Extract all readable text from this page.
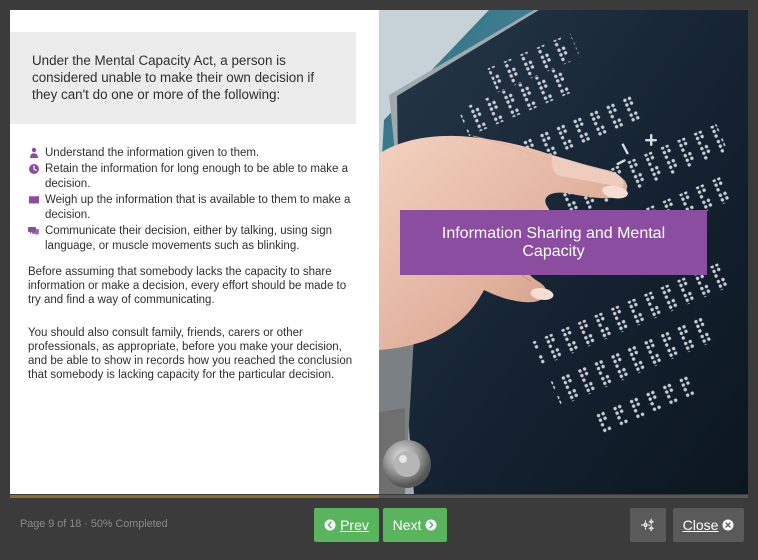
Under the Mental Capacity Act, a person is considered unable to make their own decision if they can't do one or more of the following:
Understand the information given to them.
Retain the information for long enough to be able to make a decision.
Weigh up the information that is available to them to make a decision.
Communicate their decision, either by talking, using sign language, or muscle movements such as blinking.

Before assuming that somebody lacks the capacity to share information or make a decision, every effort should be made to try and find a way of communicating.

You should also consult family, friends, carers or other professionals, as appropriate, before you make your decision, and be able to show in records how you reached the conclusion that somebody is lacking capacity for the particular decision.

Information Sharing and Mental Capacity
Page 9 of 18 · 50% Completed	Prev Next	Close
